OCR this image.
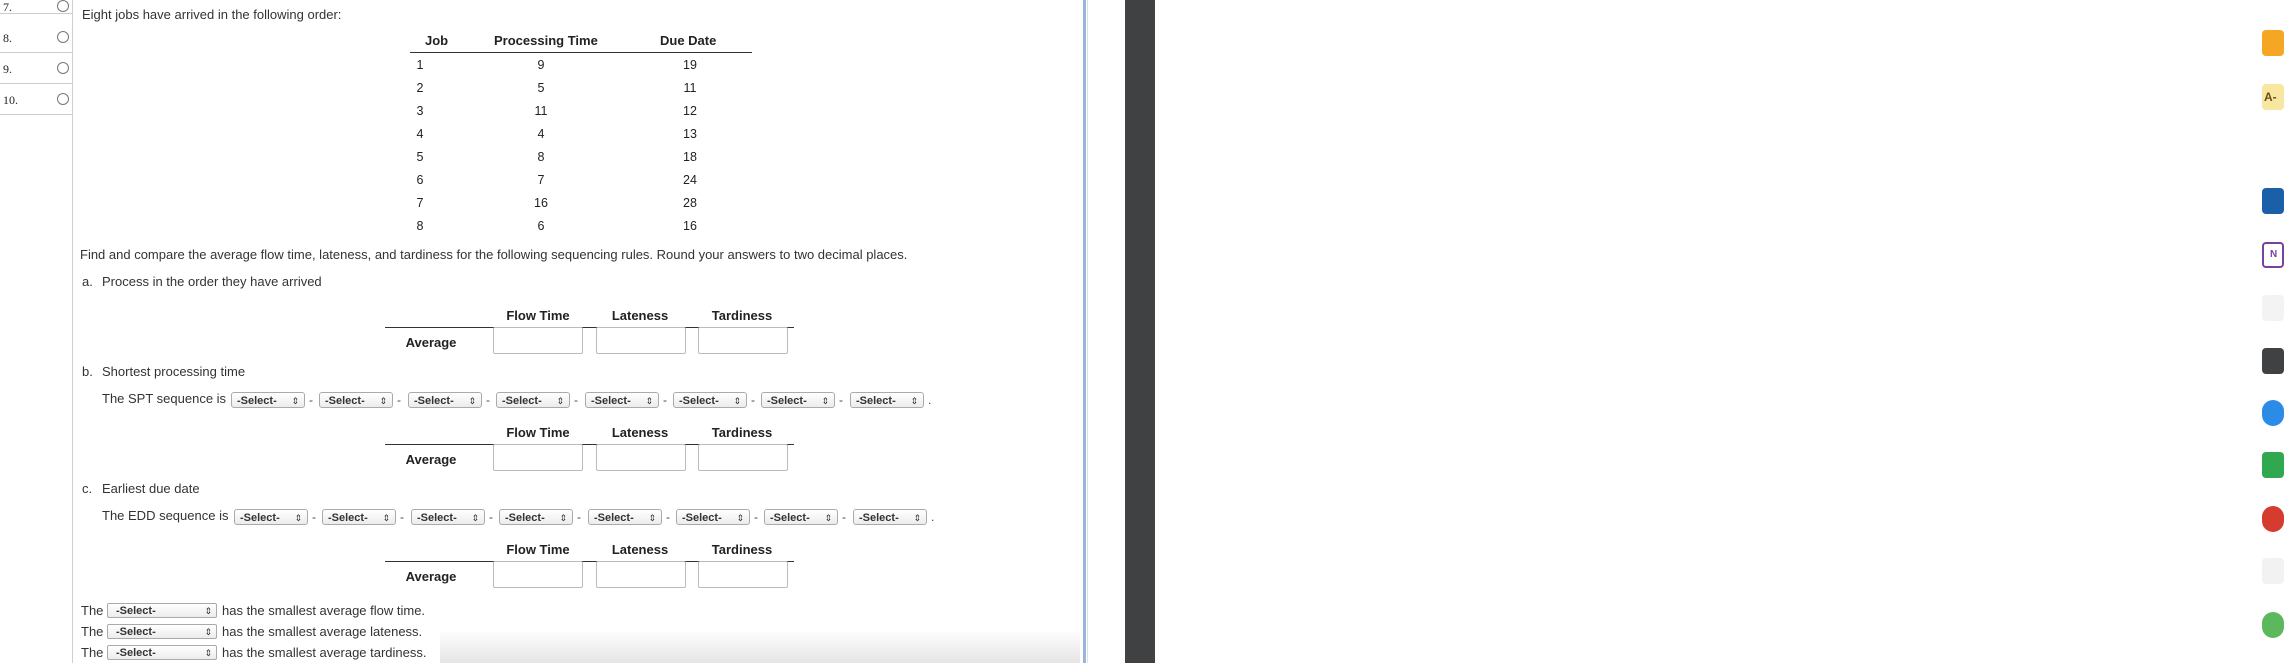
7.
8.
9.
10.
Eight jobs have arrived in the following order:
Job	Processing Time	Due Date
1	9	19
2	5	11
3	11	12
4	4	13
5	8	18
6	7	24
7	16	28
8	6	16
Find and compare the average flow time, lateness, and tardiness for the following sequencing rules. Round your answers to two decimal places.
a. Process in the order they have arrived
Flow Time	Lateness	Tardiness
Average
b. Shortest processing time
The SPT sequence is -Select- ⇕ -	-Select- ⇕ -	-Select- ⇕ -	-Select- ⇕ -	-Select- ⇕ -	-Select- ⇕ -	-Select- ⇕ -	-Select- ⇕ .
Flow Time	Lateness	Tardiness
Average
c. Earliest due date
The EDD sequence is	-Select- ⇕ -	-Select- ⇕ -	-Select- ⇕ -	-Select- ⇕ -	-Select- ⇕ -	-Select- ⇕ -	-Select- ⇕ -	-Select- ⇕ .
Flow Time	Lateness	Tardiness
Average
The	-Select-	⇕ has the smallest average flow time.
The	-Select-	⇕ has the smallest average lateness.
The	-Select-	⇕ has the smallest average tardiness.
A-
N
